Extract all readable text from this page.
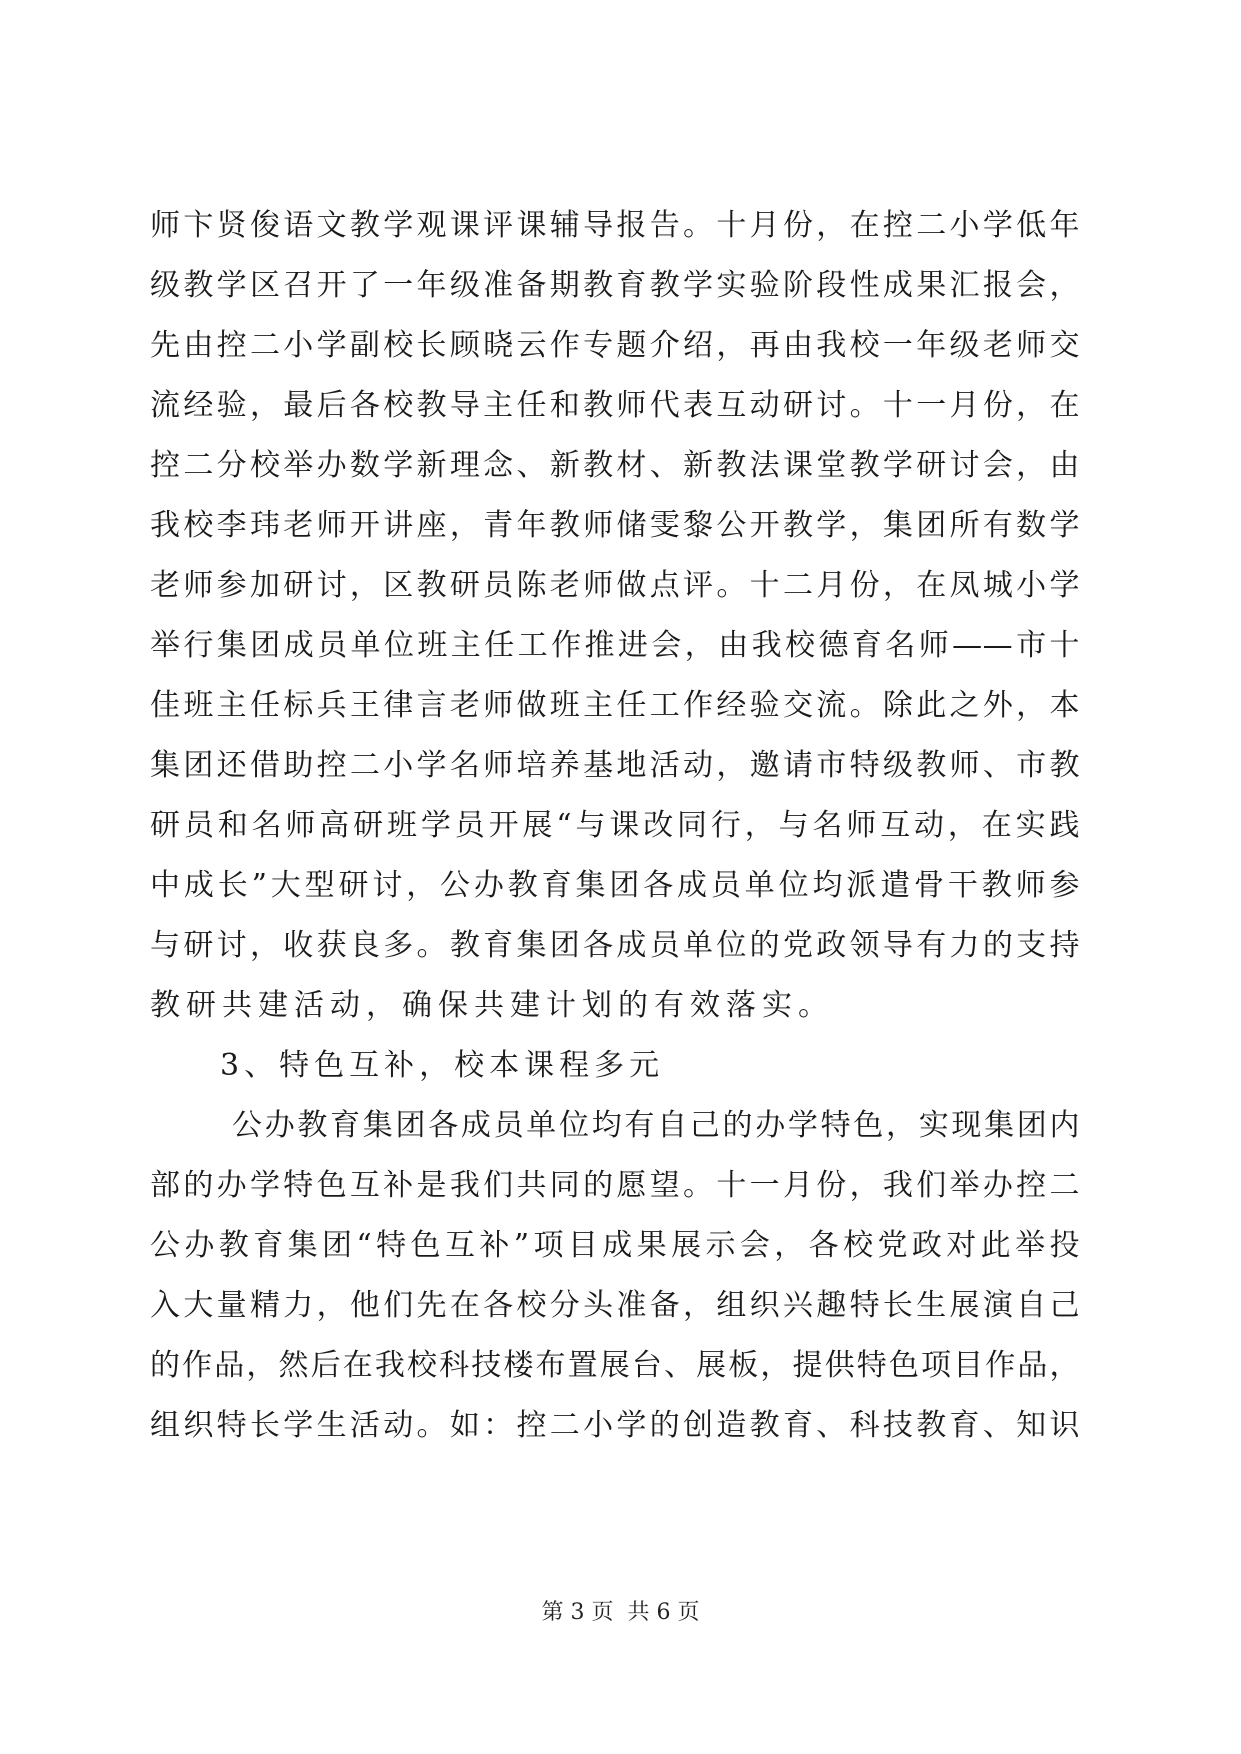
师卞贤俊语文教学观课评课辅导报告。十月份，在控二小学低年
级教学区召开了一年级准备期教育教学实验阶段性成果汇报会，
先由控二小学副校长顾晓云作专题介绍，再由我校一年级老师交
流经验，最后各校教导主任和教师代表互动研讨。十一月份，在
控二分校举办数学新理念、新教材、新教法课堂教学研讨会，由
我校李玮老师开讲座，青年教师储雯黎公开教学，集团所有数学
老师参加研讨，区教研员陈老师做点评。十二月份，在凤城小学
举行集团成员单位班主任工作推进会，由我校德育名师——市十
佳班主任标兵王律言老师做班主任工作经验交流。除此之外，本
集团还借助控二小学名师培养基地活动，邀请市特级教师、市教
研员和名师高研班学员开展“与课改同行，与名师互动，在实践
中成长”大型研讨，公办教育集团各成员单位均派遣骨干教师参
与研讨，收获良多。教育集团各成员单位的党政领导有力的支持
教研共建活动，确保共建计划的有效落实。
3、特色互补，校本课程多元
公办教育集团各成员单位均有自己的办学特色，实现集团内
部的办学特色互补是我们共同的愿望。十一月份，我们举办控二
公办教育集团“特色互补”项目成果展示会，各校党政对此举投
入大量精力，他们先在各校分头准备，组织兴趣特长生展演自己
的作品，然后在我校科技楼布置展台、展板，提供特色项目作品，
组织特长学生活动。如：控二小学的创造教育、科技教育、知识
第 3 页  共 6 页
